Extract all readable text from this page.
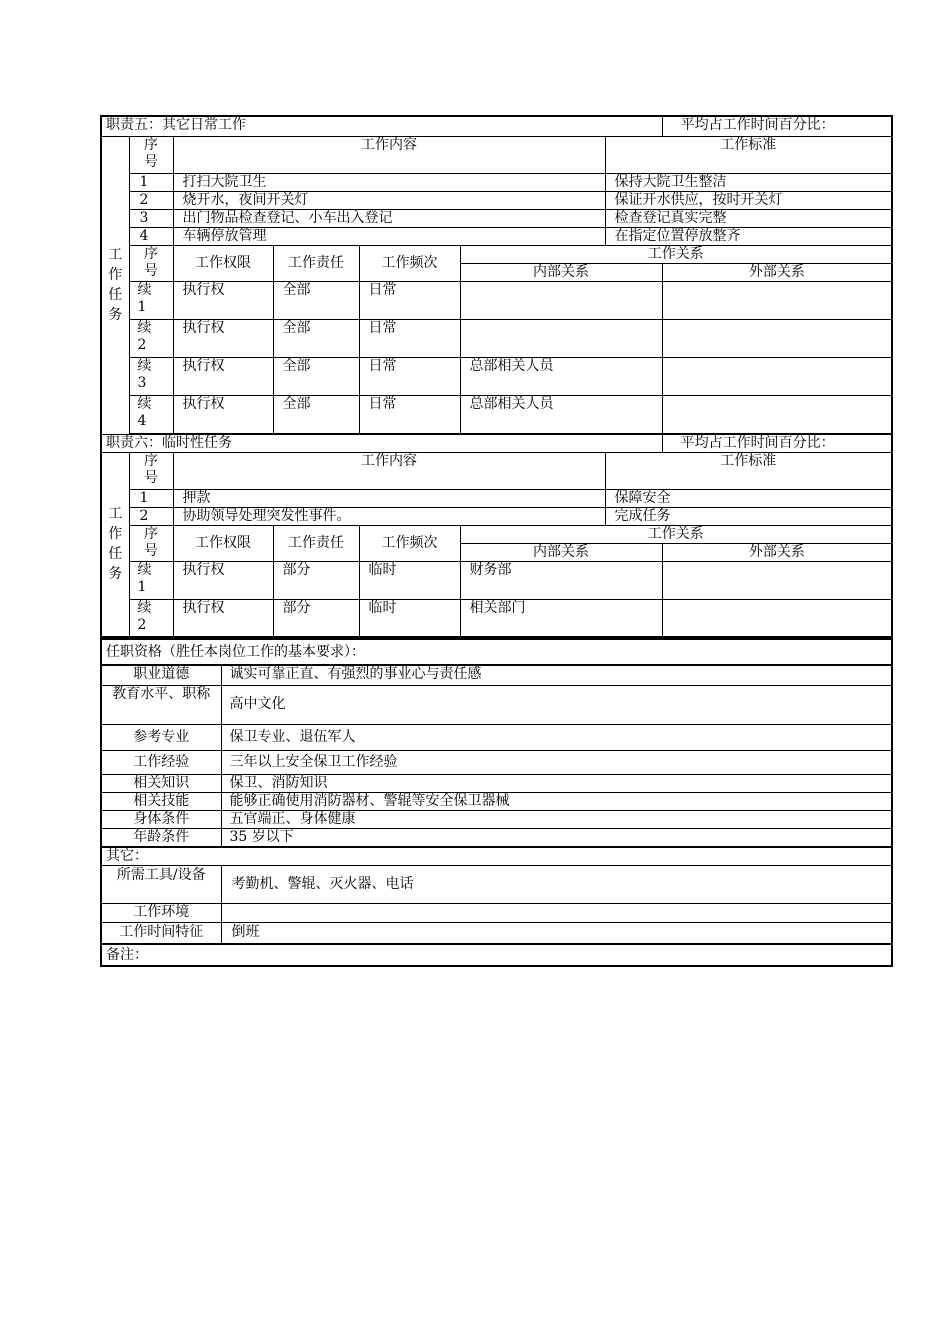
职责五：其它日常工作							平均占工作时间百分比：
工作任务	序号	工作内容				工作标准	
	1	打扫大院卫生				保持大院卫生整洁	
	2	烧开水，夜间开关灯				保证开水供应，按时开关灯	
	3	出门物品检查登记、小车出入登记				检查登记真实完整	
	4	车辆停放管理				在指定位置停放整齐	
	序号	工作权限	工作责任	工作频次	工作关系		
					内部关系		外部关系
	续1	执行权	全部	日常			
	续2	执行权	全部	日常			
	续3	执行权	全部	日常	总部相关人员		
	续4	执行权	全部	日常	总部相关人员		

职责六：临时性任务							平均占工作时间百分比：
工作任务	序号	工作内容				工作标准	
	1	押款				保障安全	
	2	协助领导处理突发性事件。				完成任务	
	序号	工作权限	工作责任	工作频次	工作关系		
					内部关系		外部关系
	续1	执行权	部分	临时	财务部		
	续2	执行权	部分	临时	相关部门		
任职资格（胜任本岗位工作的基本要求）：	
职业道德	诚实可靠正直、有强烈的事业心与责任感
教育水平、职称	高中文化
参考专业	保卫专业、退伍军人
工作经验	三年以上安全保卫工作经验
相关知识	保卫、消防知识
相关技能	能够正确使用消防器材、警辊等安全保卫器械
身体条件	五官端正、身体健康
年龄条件	35 岁以下
其它：	
所需工具/设备	考勤机、警辊、灭火器、电话
工作环境	
工作时间特征	倒班
备注：	
